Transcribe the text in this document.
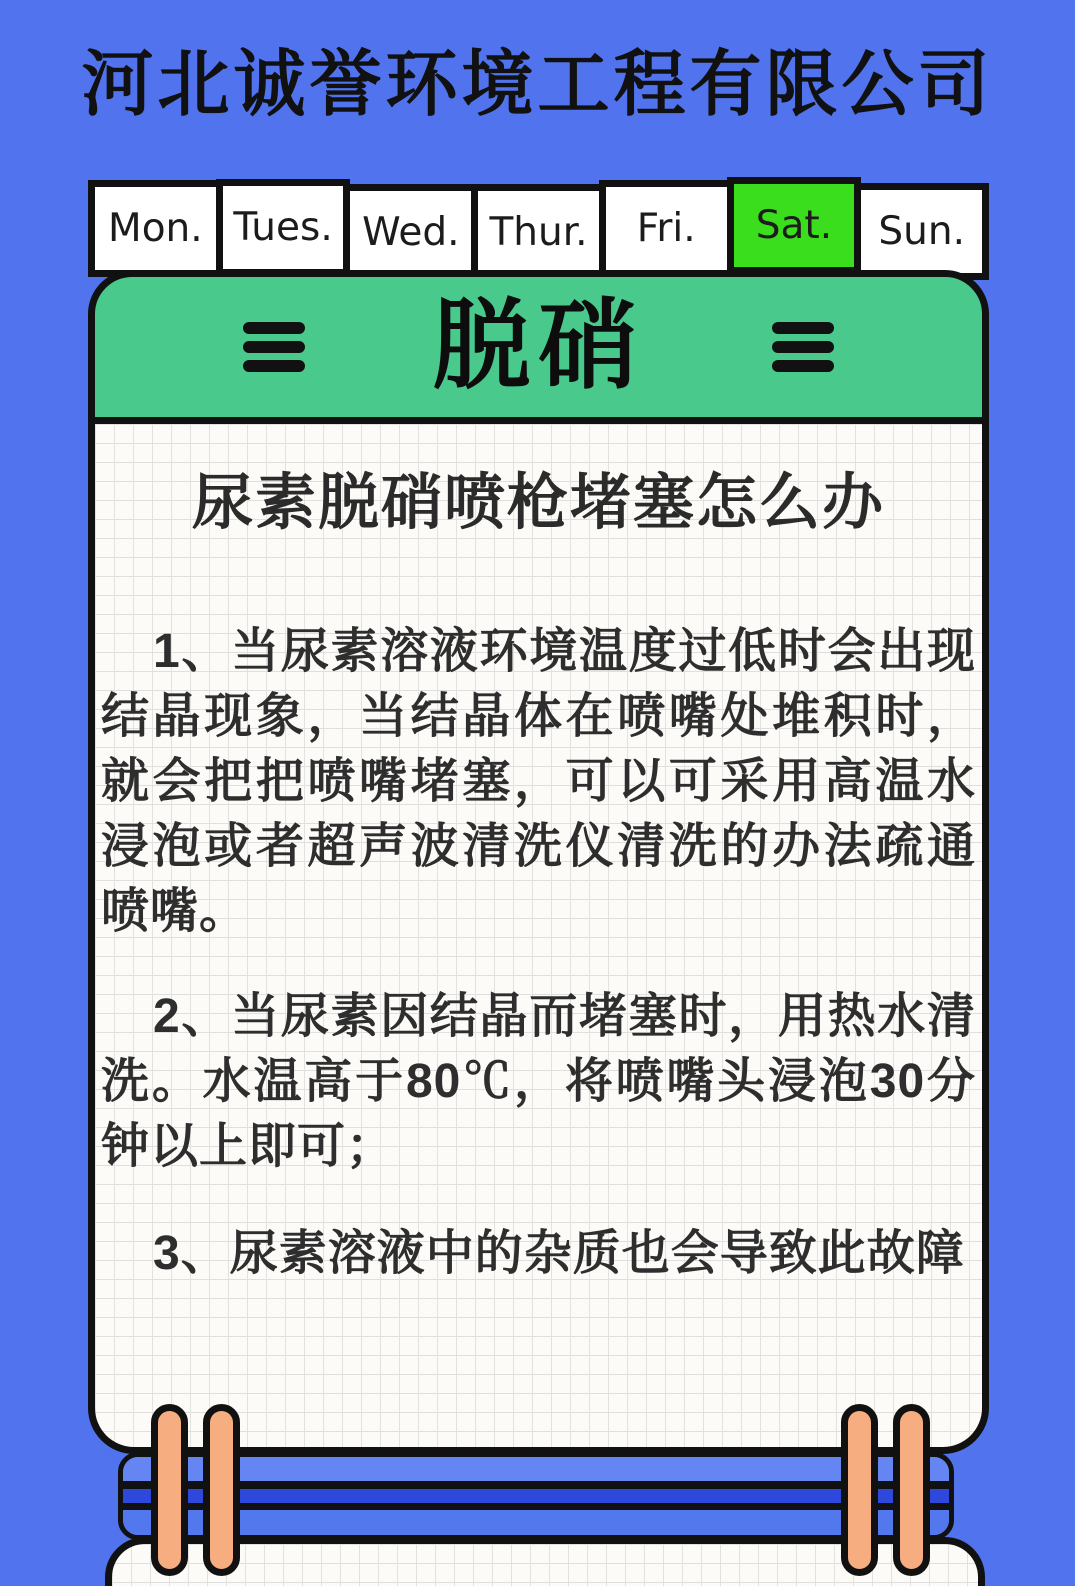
河北诚誉环境工程有限公司
Mon. Tues. Wed. Thur. Fri. Sat. Sun.
脱硝
尿素脱硝喷枪堵塞怎么办

1、当尿素溶液环境温度过低时会出现结晶现象，当结晶体在喷嘴处堆积时，就会把把喷嘴堵塞，可以可采用高温水浸泡或者超声波清洗仪清洗的办法疏通喷嘴。

2、当尿素因结晶而堵塞时，用热水清洗。水温高于80℃，将喷嘴头浸泡30分钟以上即可；

3、尿素溶液中的杂质也会导致此故障
